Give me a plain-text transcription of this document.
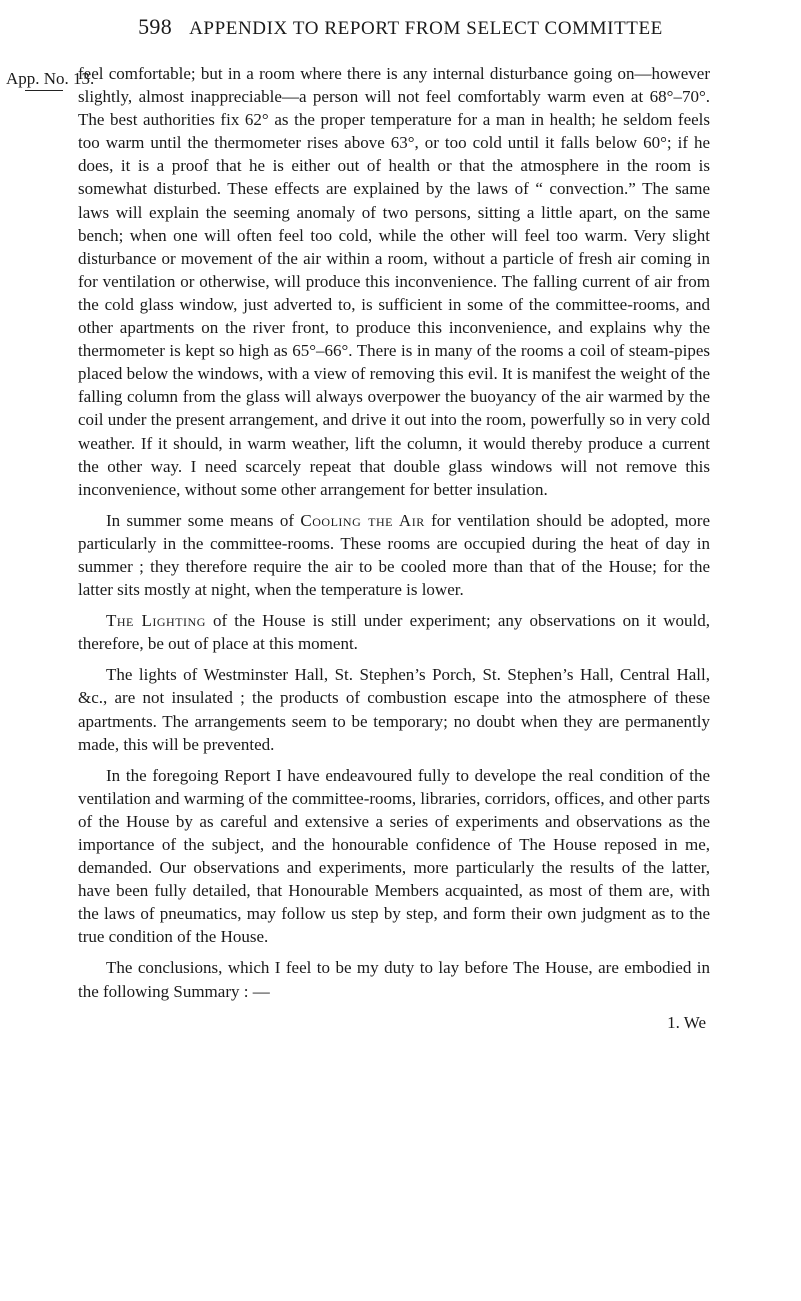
598 APPENDIX TO REPORT FROM SELECT COMMITTEE
App. No. 13.

feel comfortable; but in a room where there is any internal disturbance going on—however slightly, almost inappreciable—a person will not feel comfortably warm even at 68°–70°. The best authorities fix 62° as the proper temperature for a man in health; he seldom feels too warm until the thermometer rises above 63°, or too cold until it falls below 60°; if he does, it is a proof that he is either out of health or that the atmosphere in the room is somewhat disturbed. These effects are explained by the laws of “ convection.” The same laws will explain the seeming anomaly of two persons, sitting a little apart, on the same bench; when one will often feel too cold, while the other will feel too warm. Very slight disturbance or movement of the air within a room, without a particle of fresh air coming in for ventilation or otherwise, will produce this inconvenience. The falling current of air from the cold glass window, just adverted to, is sufficient in some of the committee-rooms, and other apartments on the river front, to produce this inconvenience, and explains why the thermometer is kept so high as 65°–66°. There is in many of the rooms a coil of steam-pipes placed below the windows, with a view of removing this evil. It is manifest the weight of the falling column from the glass will always overpower the buoyancy of the air warmed by the coil under the present arrangement, and drive it out into the room, powerfully so in very cold weather. If it should, in warm weather, lift the column, it would thereby produce a current the other way. I need scarcely repeat that double glass windows will not remove this inconvenience, without some other arrangement for better insulation.

In summer some means of Cooling the Air for ventilation should be adopted, more particularly in the committee-rooms. These rooms are occupied during the heat of day in summer ; they therefore require the air to be cooled more than that of the House; for the latter sits mostly at night, when the temperature is lower.

The Lighting of the House is still under experiment; any observations on it would, therefore, be out of place at this moment.

The lights of Westminster Hall, St. Stephen’s Porch, St. Stephen’s Hall, Central Hall, &c., are not insulated ; the products of combustion escape into the atmosphere of these apartments. The arrangements seem to be temporary; no doubt when they are permanently made, this will be prevented.

In the foregoing Report I have endeavoured fully to develope the real condition of the ventilation and warming of the committee-rooms, libraries, corridors, offices, and other parts of the House by as careful and extensive a series of experiments and observations as the importance of the subject, and the honourable confidence of The House reposed in me, demanded. Our observations and experiments, more particularly the results of the latter, have been fully detailed, that Honourable Members acquainted, as most of them are, with the laws of pneumatics, may follow us step by step, and form their own judgment as to the true condition of the House.

The conclusions, which I feel to be my duty to lay before The House, are embodied in the following Summary : —

1. We
